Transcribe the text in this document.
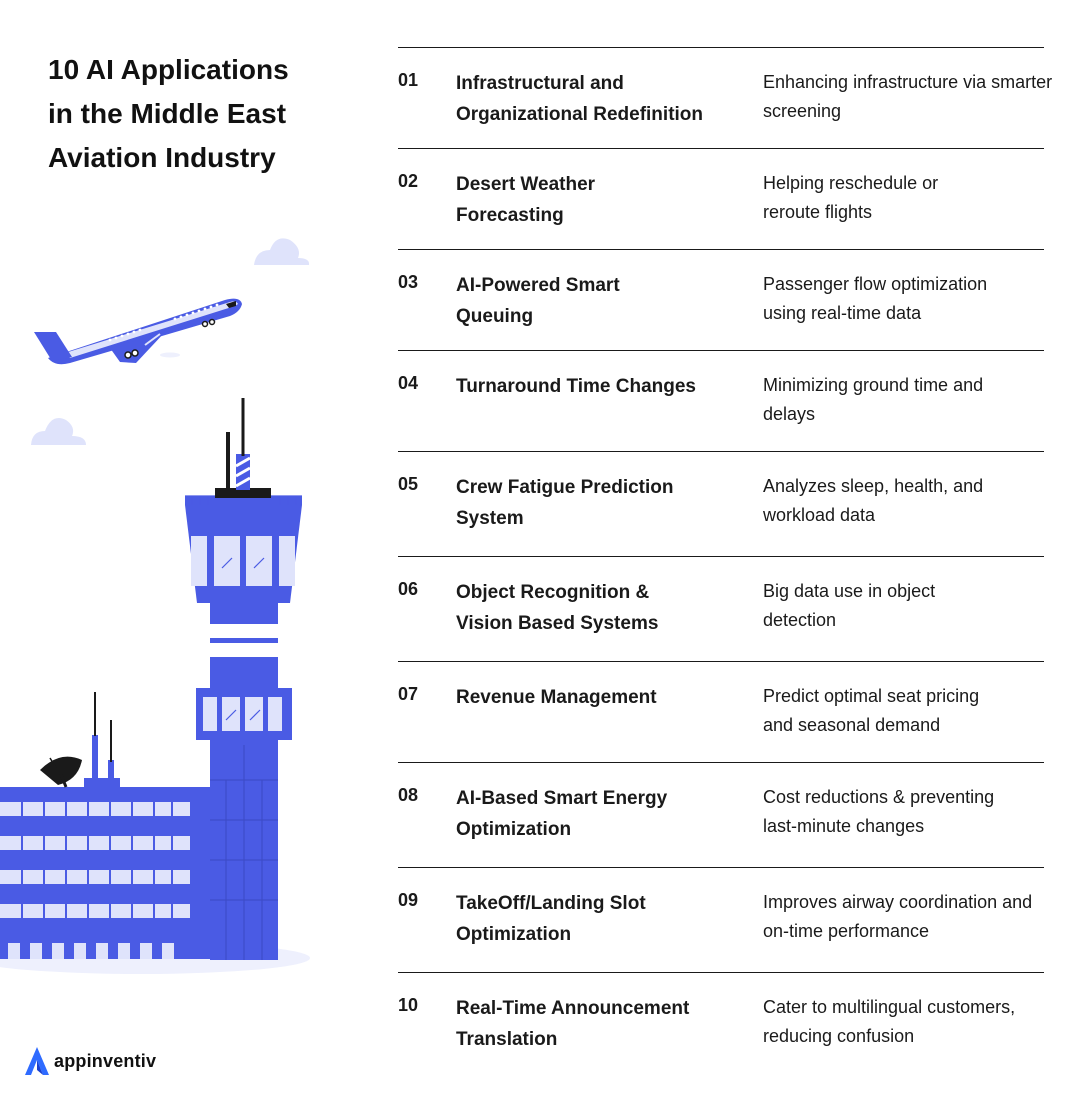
10 AI Applications
in the Middle East
Aviation Industry
01 Infrastructural and Organizational Redefinition
Enhancing infrastructure via smarter screening
02 Desert Weather Forecasting
Helping reschedule or reroute flights
03 AI-Powered Smart Queuing
Passenger flow optimization using real-time data
04 Turnaround Time Changes	Minimizing ground time and delays
05 Crew Fatigue Prediction System
Analyzes sleep, health, and workload data
06 Object Recognition & Vision Based Systems
Big data use in object detection
07 Revenue Management	Predict optimal seat pricing and seasonal demand
08 AI-Based Smart Energy Optimization
Cost reductions & preventing last-minute changes
09 TakeOff/Landing Slot Optimization
Improves airway coordination and on-time performance
10 Real-Time Announcement Translation
Cater to multilingual customers, reducing confusion
appinventiv
